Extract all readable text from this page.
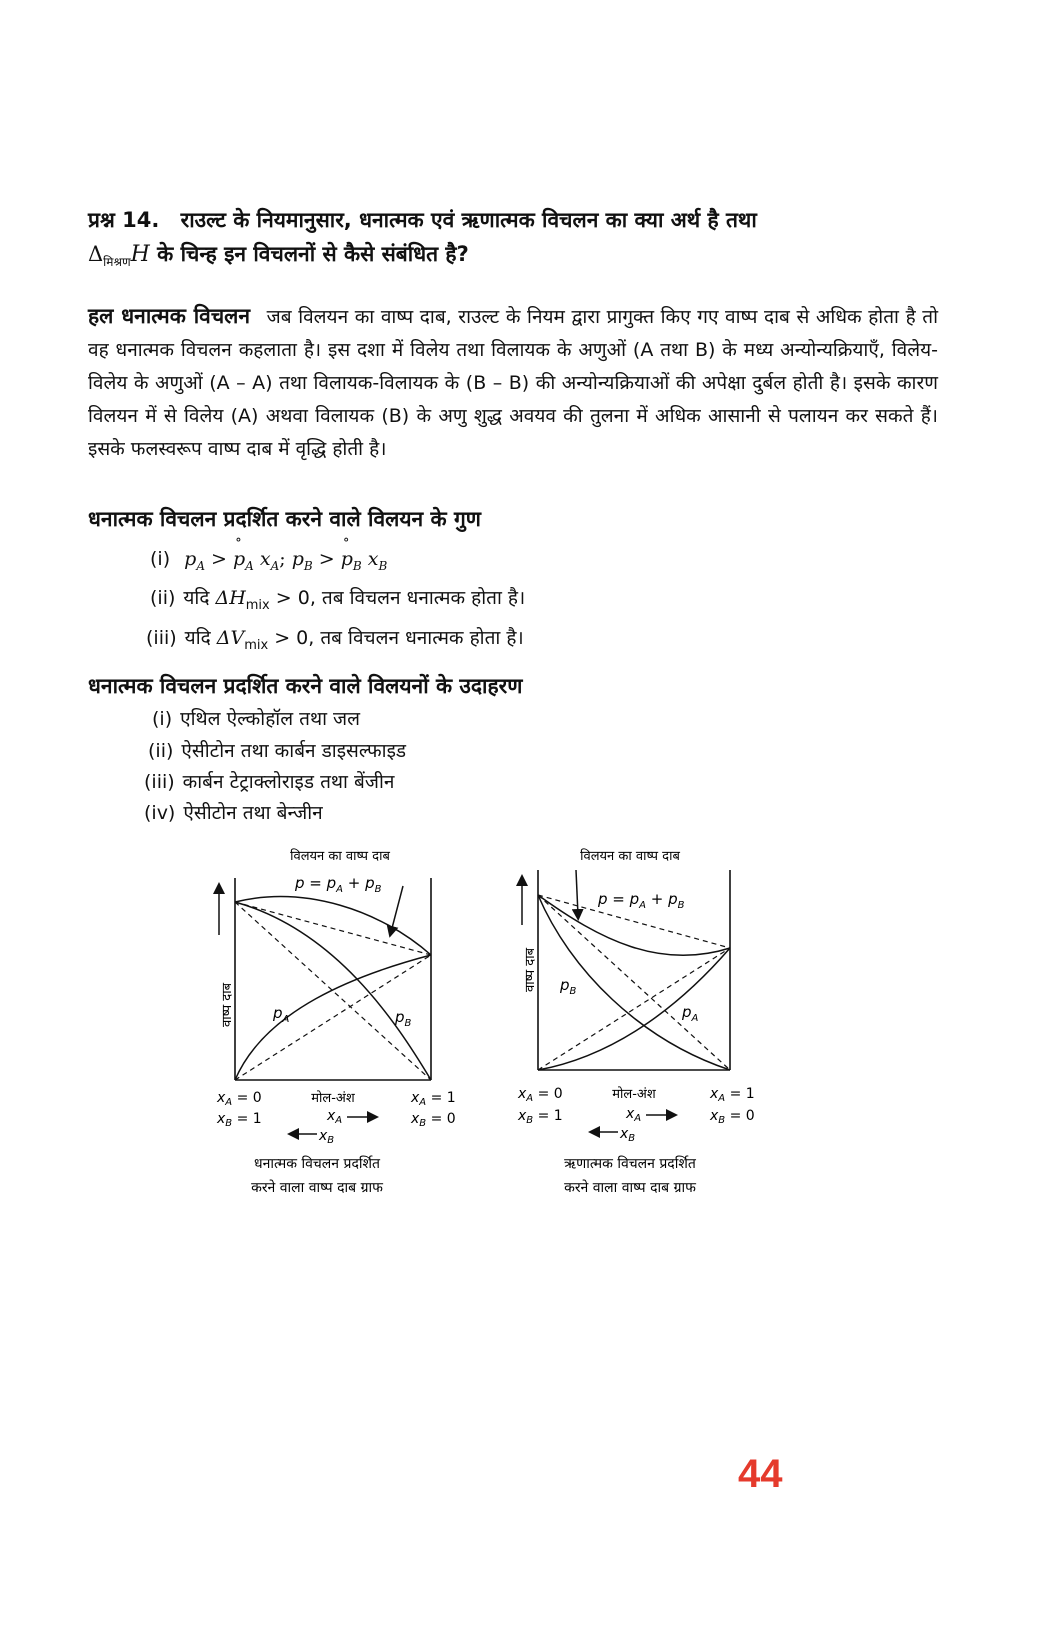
प्रश्न 14. राउल्ट के नियमानुसार, धनात्मक एवं ऋणात्मक विचलन का क्या अर्थ है तथा
$\Delta_{मिश्रण}H$ के चिन्ह इन विचलनों से कैसे संबंधित है?
हल धनात्मक विचलन जब विलयन का वाष्प दाब, राउल्ट के नियम द्वारा प्रागुक्त किए गए वाष्प दाब से अधिक होता है तो वह धनात्मक विचलन कहलाता है। इस दशा में विलेय तथा विलायक के अणुओं (A तथा B) के मध्य अन्योन्यक्रियाएँ, विलेय-विलेय के अणुओं (A – A) तथा विलायक-विलायक के (B – B) की अन्योन्यक्रियाओं की अपेक्षा दुर्बल होती है। इसके कारण विलयन में से विलेय (A) अथवा विलायक (B) के अणु शुद्ध अवयव की तुलना में अधिक आसानी से पलायन कर सकते हैं। इसके फलस्वरूप वाष्प दाब में वृद्धि होती है।
धनात्मक विचलन प्रदर्शित करने वाले विलयन के गुण
(i) $p_A$ > ∘ $p_A$ $x_A$; $p_B$ > ∘ $p_B$ $x_B$
(ii) यदि $\Delta H_{mix} > 0$, तब विचलन धनात्मक होता है।
(iii) यदि $\Delta V_{mix} > 0$, तब विचलन धनात्मक होता है।
धनात्मक विचलन प्रदर्शित करने वाले विलयनों के उदाहरण
(i) एथिल ऐल्कोहॉल तथा जल
(ii) ऐसीटोन तथा कार्बन डाइसल्फाइड
(iii) कार्बन टेट्राक्लोराइड तथा बेंजीन
(iv) ऐसीटोन तथा बेन्जीन
विलयन का वाष्प दाब
$p = p_A + p_B$
वाष्प दाब	$p_A$	$p_B$
$x_A = 0$
$x_B = 1$
मोल-अंश	$x_A = 1$
$x_B = 0$
$x_A$
$x_B$
धनात्मक विचलन प्रदर्शित
करने वाला वाष्प दाब ग्राफ
विलयन का वाष्प दाब
$p = p_A + p_B$
वाष्प दाब $p_B$
$p_A$
$x_A = 0$
$x_B = 1$
मोल-अंश	$x_A = 1$
$x_B = 0$
$x_A$
$x_B$
ऋणात्मक विचलन प्रदर्शित
करने वाला वाष्प दाब ग्राफ
44
